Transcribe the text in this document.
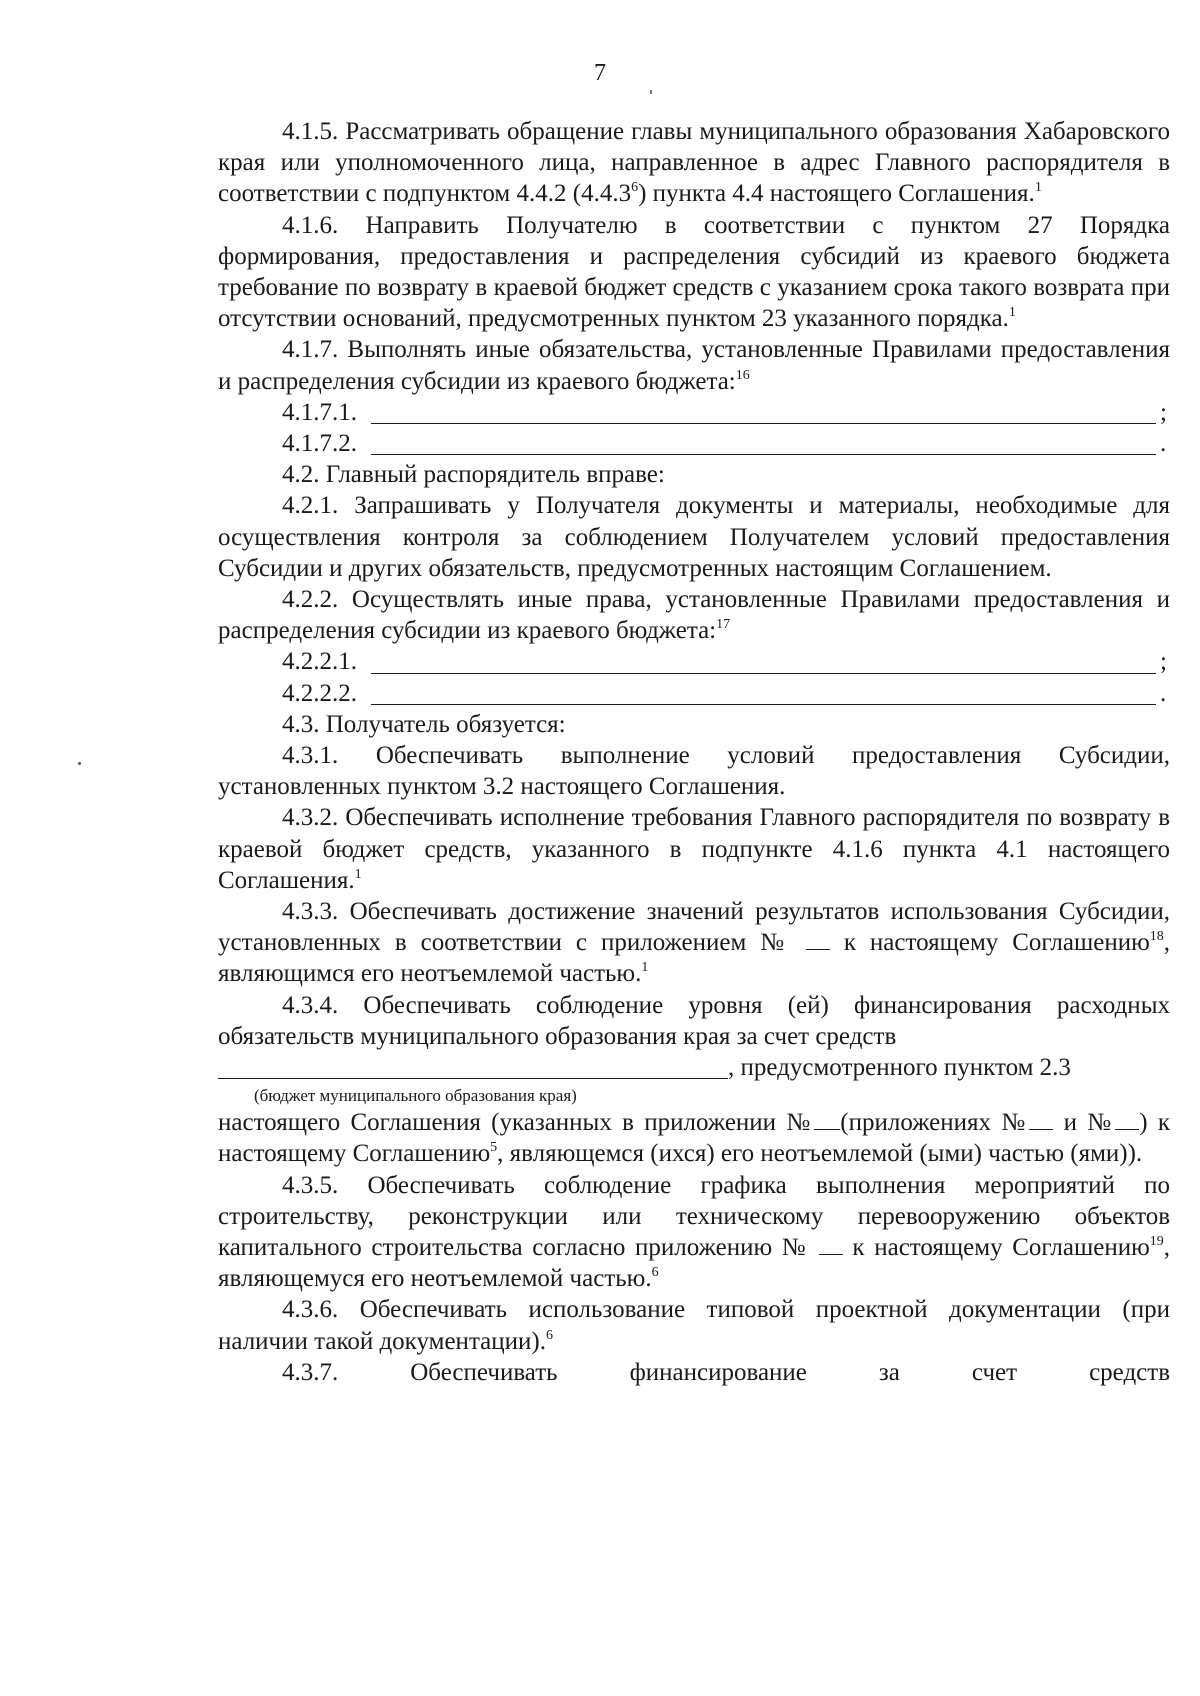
7

4.1.5. Рассматривать обращение главы муниципального образования Хабаровского края или уполномоченного лица, направленное в адрес Главного распорядителя в соответствии с подпунктом 4.4.2 (4.4.3$^6$) пункта 4.4 настоящего Соглашения.$^1$

4.1.6. Направить Получателю в соответствии с пунктом 27 Порядка формирования, предоставления и распределения субсидий из краевого бюджета требование по возврату в краевой бюджет средств с указанием срока такого возврата при отсутствии оснований, предусмотренных пунктом 23 указанного порядка.$^1$

4.1.7. Выполнять иные обязательства, установленные Правилами предоставления и распределения субсидии из краевого бюджета:$^{16}$

4.1.7.1.	;
4.1.7.2.	.

4.2. Главный распорядитель вправе:

4.2.1. Запрашивать у Получателя документы и материалы, необходимые для осуществления контроля за соблюдением Получателем условий предоставления Субсидии и других обязательств, предусмотренных настоящим Соглашением.

4.2.2. Осуществлять иные права, установленные Правилами предоставления и распределения субсидии из краевого бюджета:$^{17}$

4.2.2.1.	;
4.2.2.2.	.

4.3. Получатель обязуется:

4.3.1. Обеспечивать выполнение условий предоставления Субсидии, установленных пунктом 3.2 настоящего Соглашения.

4.3.2. Обеспечивать исполнение требования Главного распорядителя по возврату в краевой бюджет средств, указанного в подпункте 4.1.6 пункта 4.1 настоящего Соглашения.$^1$

4.3.3. Обеспечивать достижение значений результатов использования Субсидии, установленных в соответствии с приложением № к настоящему Соглашению$^{18}$, являющимся его неотъемлемой частью.$^1$

4.3.4. Обеспечивать соблюдение уровня (ей) финансирования расходных обязательств муниципального образования края за счет средств

, предусмотренного пунктом 2.3
(бюджет муниципального образования края)

настоящего Соглашения (указанных в приложении № (приложениях № и № ) к настоящему Соглашению$^5$, являющемся (ихся) его неотъемлемой (ыми) частью (ями)).

4.3.5. Обеспечивать соблюдение графика выполнения мероприятий по строительству, реконструкции или техническому перевооружению объектов капитального строительства согласно приложению № к настоящему Соглашению$^{19}$, являющемуся его неотъемлемой частью.$^6$

4.3.6. Обеспечивать использование типовой проектной документации (при наличии такой документации).$^6$

4.3.7. Обеспечивать финансирование за счет средств
